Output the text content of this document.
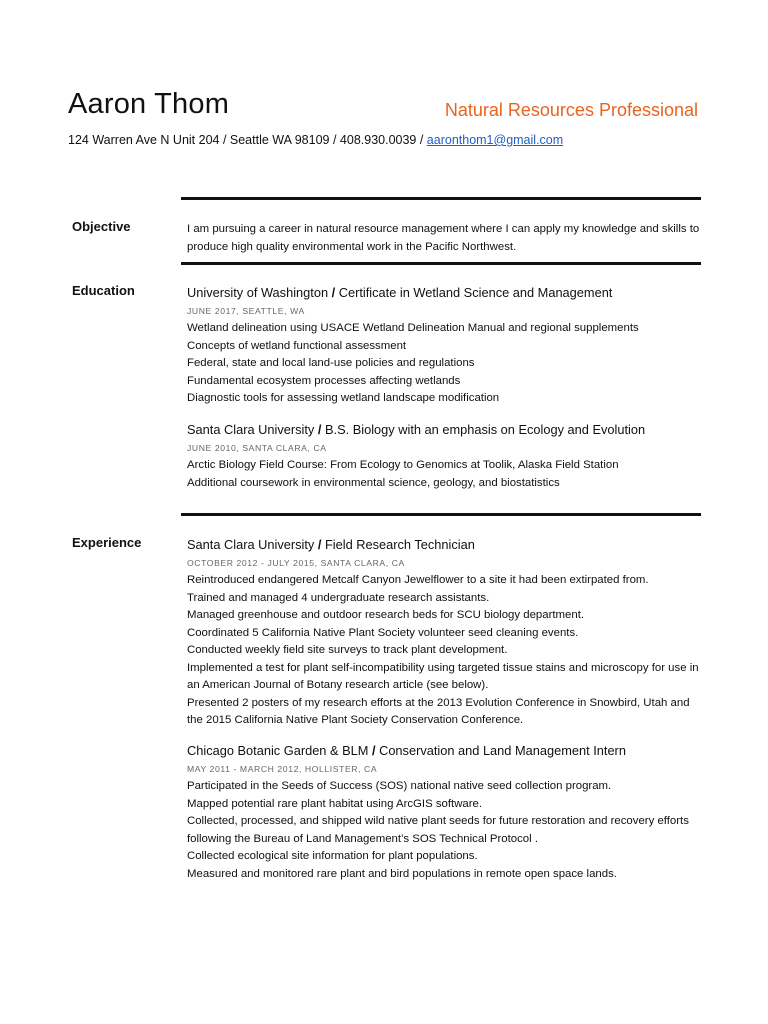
Aaron Thom	Natural Resources Professional
124 Warren Ave N Unit 204 / Seattle WA 98109 / 408.930.0039 / aaronthom1@gmail.com
Objective	I am pursuing a career in natural resource management where I can apply my knowledge and skills to produce high quality environmental work in the Pacific Northwest.
Education	University of Washington / Certificate in Wetland Science and Management
JUNE 2017, SEATTLE, WA
Wetland delineation using USACE Wetland Delineation Manual and regional supplements
Concepts of wetland functional assessment
Federal, state and local land-use policies and regulations
Fundamental ecosystem processes affecting wetlands
Diagnostic tools for assessing wetland landscape modification
Santa Clara University / B.S. Biology with an emphasis on Ecology and Evolution
JUNE 2010, SANTA CLARA, CA
Arctic Biology Field Course: From Ecology to Genomics at Toolik, Alaska Field Station
Additional coursework in environmental science, geology, and biostatistics
Experience	Santa Clara University / Field Research Technician
OCTOBER 2012 - JULY 2015, SANTA CLARA, CA
Reintroduced endangered Metcalf Canyon Jewelflower to a site it had been extirpated from.
Trained and managed 4 undergraduate research assistants.
Managed greenhouse and outdoor research beds for SCU biology department.
Coordinated 5 California Native Plant Society volunteer seed cleaning events.
Conducted weekly field site surveys to track plant development.
Implemented a test for plant self-incompatibility using targeted tissue stains and microscopy for use in an American Journal of Botany research article (see below).
Presented 2 posters of my research efforts at the 2013 Evolution Conference in Snowbird, Utah and the 2015 California Native Plant Society Conservation Conference.
Chicago Botanic Garden & BLM / Conservation and Land Management Intern
MAY 2011 - MARCH 2012, HOLLISTER, CA
Participated in the Seeds of Success (SOS) national native seed collection program.
Mapped potential rare plant habitat using ArcGIS software.
Collected, processed, and shipped wild native plant seeds for future restoration and recovery efforts following the Bureau of Land Management’s SOS Technical Protocol .
Collected ecological site information for plant populations.
Measured and monitored rare plant and bird populations in remote open space lands.
